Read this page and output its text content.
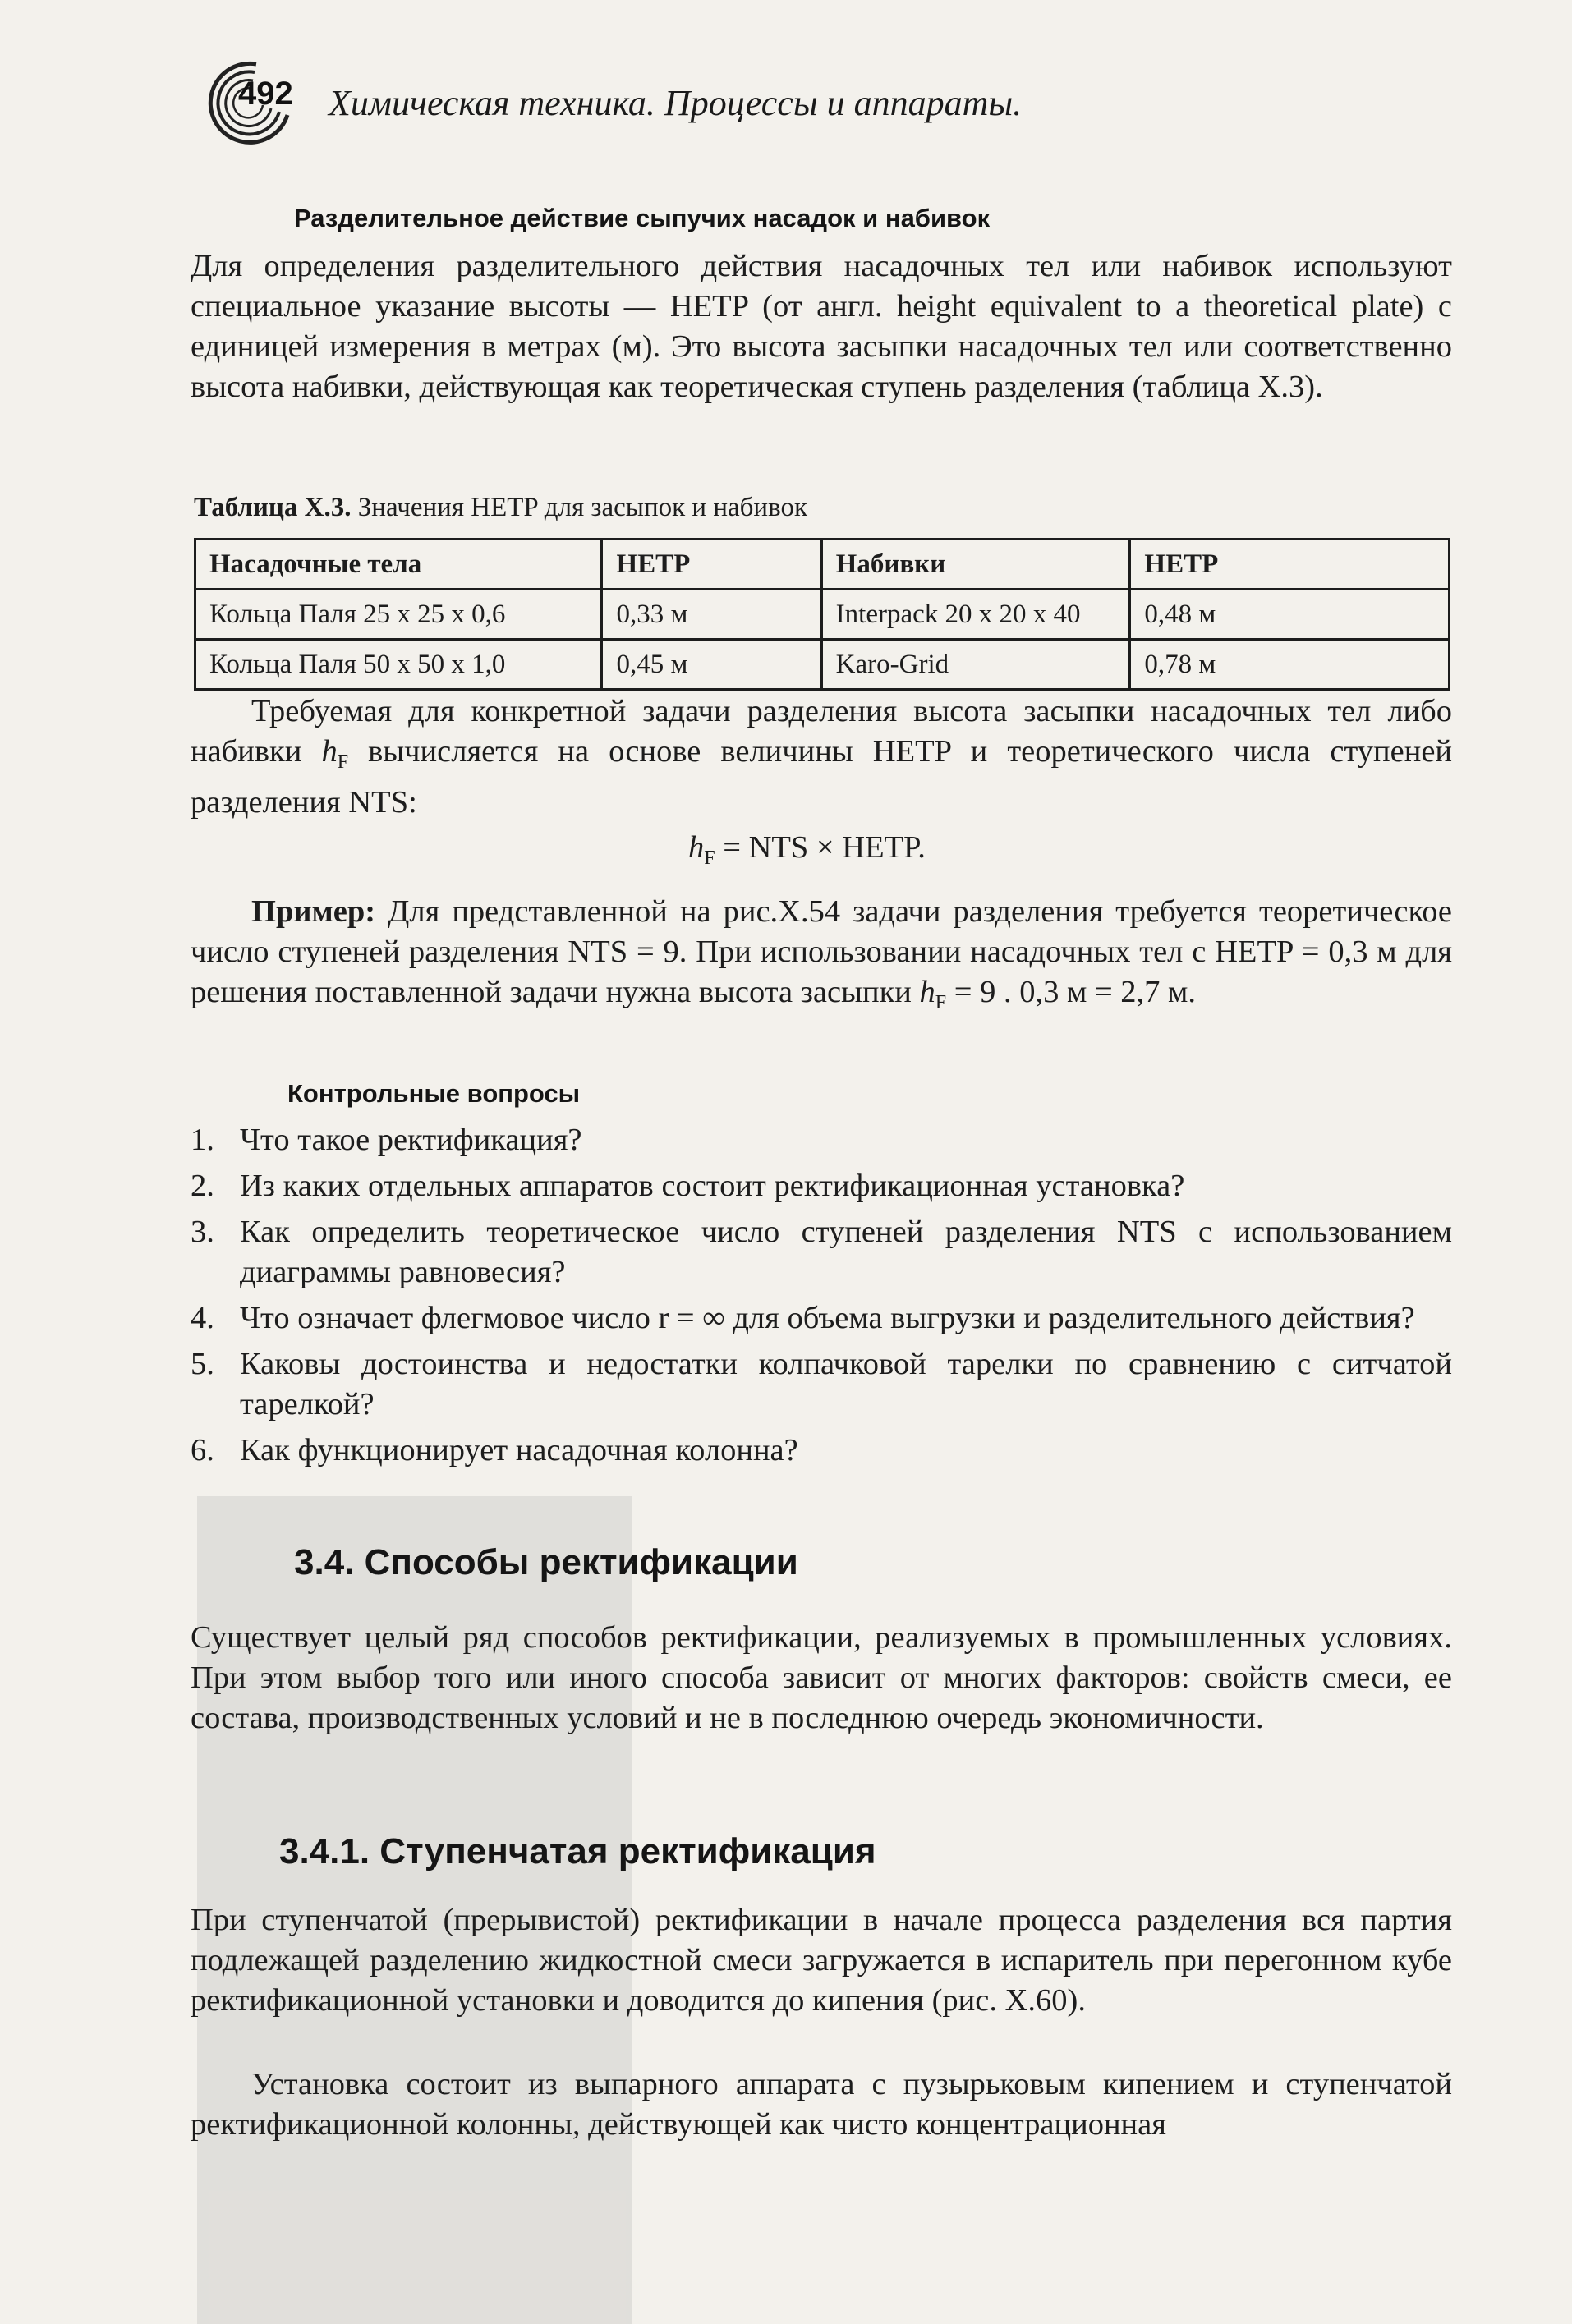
492 Химическая техника. Процессы и аппараты.
Разделительное действие сыпучих насадок и набивок

Для определения разделительного действия насадочных тел или набивок используют специальное указание высоты — HETP (от англ. height equivalent to a theoretical plate) с единицей измерения в метрах (м). Это высота засыпки насадочных тел или соответственно высота набивки, действующая как теоретическая ступень разделения (таблица Х.3).

Таблица Х.3. Значения HETP для засыпок и набивок
Насадочные тела	HETP	Набивки	HETP
Кольца Паля 25 x 25 x 0,6	0,33 м	Interpack 20 x 20 x 40	0,48 м
Кольца Паля 50 x 50 x 1,0	0,45 м	Karo-Grid	0,78 м

Требуемая для конкретной задачи разделения высота засыпки насадочных тел либо набивки $h_F$ вычисляется на основе величины HETP и теоретического числа ступеней разделения NTS:

$h_F$ = NTS × HETP.

Пример: Для представленной на рис.Х.54 задачи разделения требуется теоретическое число ступеней разделения NTS = 9. При использовании насадочных тел с HETP = 0,3 м для решения поставленной задачи нужна высота засыпки $h_F = 9$ . 0,3 м = 2,7 м.

Контрольные вопросы
1. Что такое ректификация?
2. Из каких отдельных аппаратов состоит ректификационная установка?
3. Как определить теоретическое число ступеней разделения NTS с использованием диаграммы равновесия?
4. Что означает флегмовое число r = ∞ для объема выгрузки и разделительного действия?
5. Каковы достоинства и недостатки колпачковой тарелки по сравнению с ситчатой тарелкой?
6. Как функционирует насадочная колонна?
3.4. Способы ректификации

Существует целый ряд способов ректификации, реализуемых в промышленных условиях. При этом выбор того или иного способа зависит от многих факторов: свойств смеси, ее состава, производственных условий и не в последнюю очередь экономичности.

3.4.1. Ступенчатая ректификация

При ступенчатой (прерывистой) ректификации в начале процесса разделения вся партия подлежащей разделению жидкостной смеси загружается в испаритель при перегонном кубе ректификационной установки и доводится до кипения (рис. Х.60).

Установка состоит из выпарного аппарата с пузырьковым кипением и ступенчатой ректификационной колонны, действующей как чисто концентрационная
